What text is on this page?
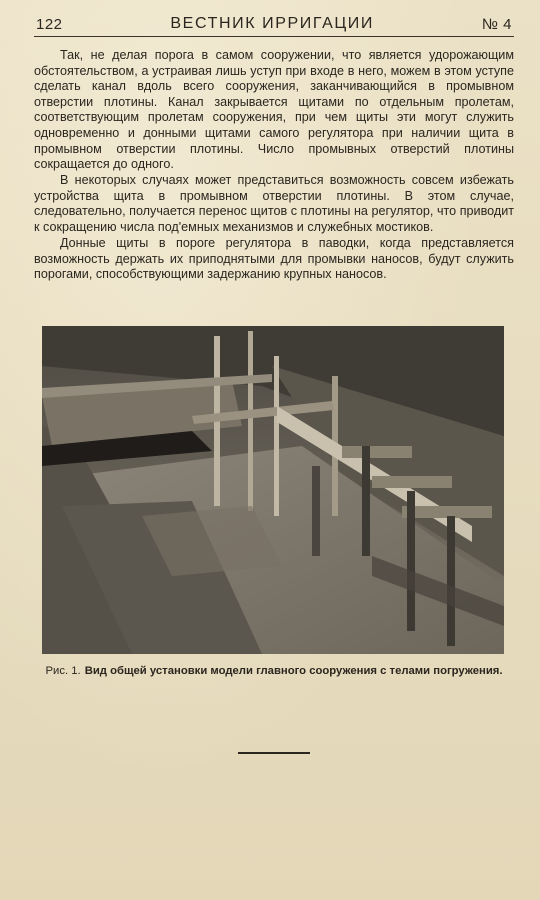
122	ВЕСТНИК ИРРИГАЦИИ	№ 4

Так, не делая порога в самом сооружении, что является удорожающим обстоятельством, а устраивая лишь уступ при входе в него, можем в этом уступе сделать канал вдоль всего сооружения, заканчивающийся в промывном отверстии плотины. Канал закрывается щитами по отдельным пролетам, соответствующим пролетам сооружения, при чем щиты эти могут служить одновременно и донными щитами самого регулятора при наличии щита в промывном отверстии плотины. Число промывных отверстий плотины сокращается до одного.

В некоторых случаях может представиться возможность совсем избежать устройства щита в промывном отверстии плотины. В этом случае, следовательно, получается перенос щитов с плотины на регулятор, что приводит к сокращению числа под'емных механизмов и служебных мостиков.

Донные щиты в пороге регулятора в паводки, когда представляется возможность держать их приподнятыми для промывки наносов, будут служить порогами, способствующими задержанию крупных наносов.

Рис. 1. Вид общей установки модели главного сооружения с телами погружения.
